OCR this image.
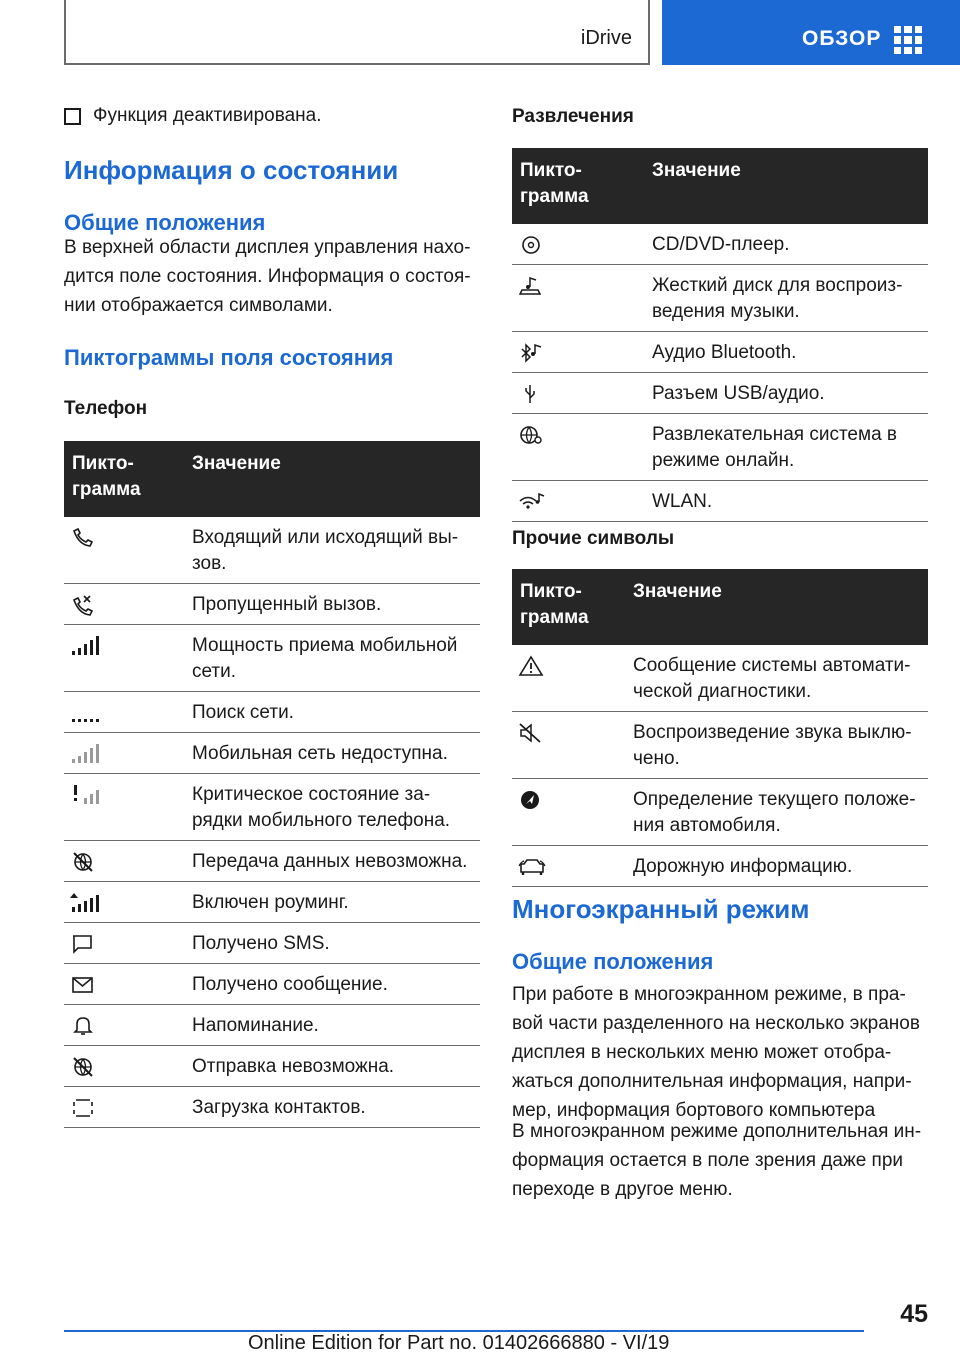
iDrive	ОБЗОР
Функция деактивирована.
Информация о состоянии
Общие положения
В верхней области дисплея управления нахо-дится поле состояния. Информация о состоя-нии отображается символами.
Пиктограммы поля состояния
Телефон
Пикто-грамма	Значение

	Входящий или исходящий вы-зов.

	Пропущенный вызов.

	Мощность приема мобильной сети.

	Поиск сети.

	Мобильная сеть недоступна.

	Критическое состояние за-рядки мобильного телефона.

	Передача данных невозможна.

	Включен роуминг.

	Получено SMS.

	Получено сообщение.

	Напоминание.

	Отправка невозможна.

	Загрузка контактов.
Развлечения
Пикто-грамма	Значение

	CD/DVD-плеер.

	Жесткий диск для воспроиз-ведения музыки.

	Аудио Bluetooth.

	Разъем USB/аудио.

	Развлекательная система в режиме онлайн.

	WLAN.
Прочие символы
Пикто-грамма	Значение

	Сообщение системы автомати-ческой диагностики.

	Воспроизведение звука выклю-чено.

	Определение текущего положе-ния автомобиля.

	Дорожную информацию.
Многоэкранный режим
Общие положения
При работе в многоэкранном режиме, в пра-вой части разделенного на несколько экранов дисплея в нескольких меню может отобра-жаться дополнительная информация, напри-мер, информация бортового компьютера
В многоэкранном режиме дополнительная ин-формация остается в поле зрения даже при переходе в другое меню.
45
Online Edition for Part no. 01402666880 - VI/19
